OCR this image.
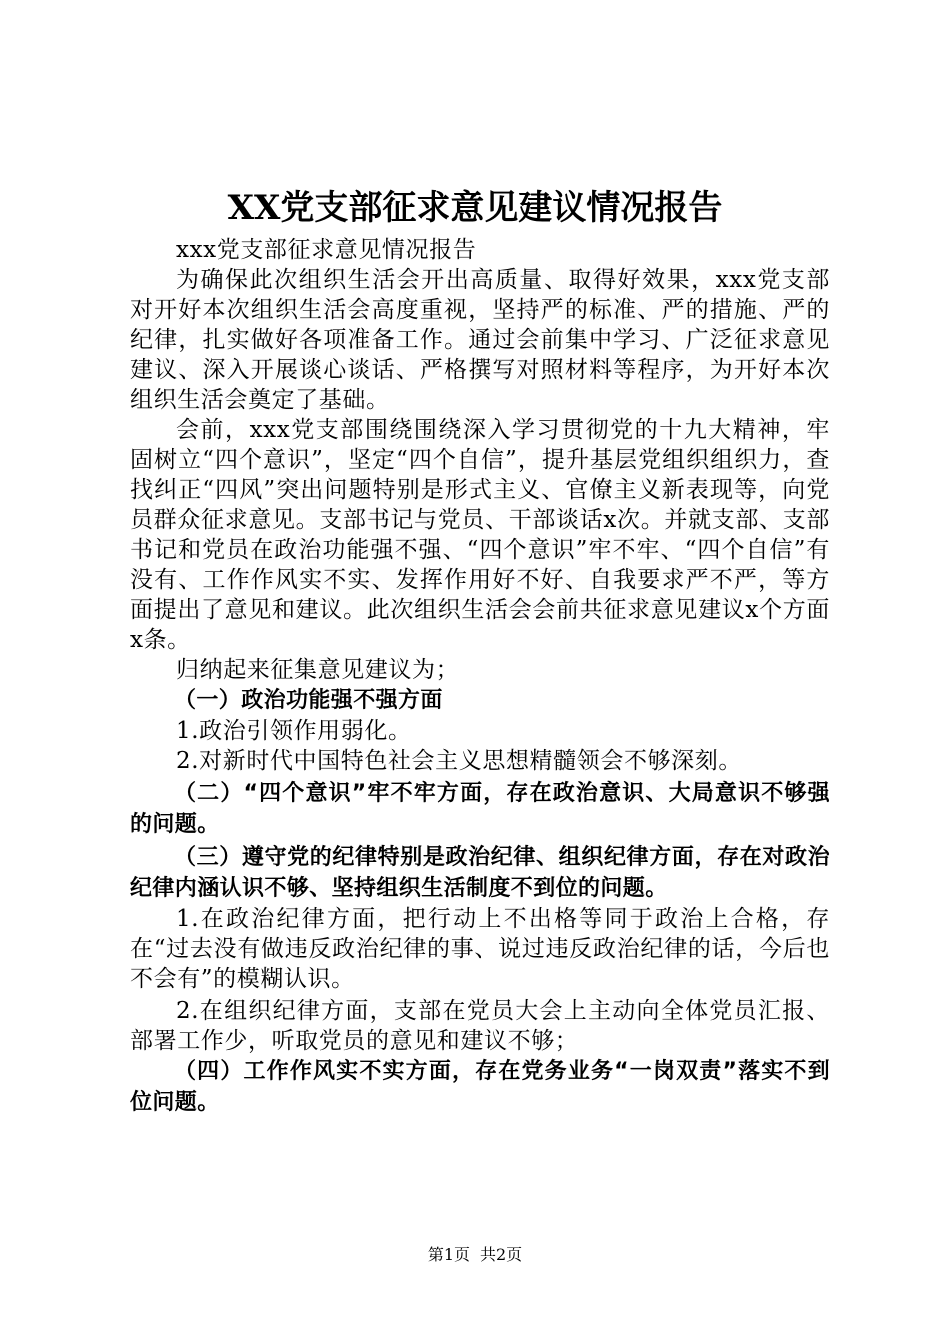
XX党支部征求意见建议情况报告

xxx党支部征求意见情况报告

为确保此次组织生活会开出高质量、取得好效果，xxx党支部对开好本次组织生活会高度重视，坚持严的标准、严的措施、严的纪律，扎实做好各项准备工作。通过会前集中学习、广泛征求意见建议、深入开展谈心谈话、严格撰写对照材料等程序，为开好本次组织生活会奠定了基础。

会前，xxx党支部围绕围绕深入学习贯彻党的十九大精神，牢固树立“四个意识”，坚定“四个自信”，提升基层党组织组织力，查找纠正“四风”突出问题特别是形式主义、官僚主义新表现等，向党员群众征求意见。支部书记与党员、干部谈话x次。并就支部、支部书记和党员在政治功能强不强、“四个意识”牢不牢、“四个自信”有没有、工作作风实不实、发挥作用好不好、自我要求严不严，等方面提出了意见和建议。此次组织生活会会前共征求意见建议x个方面x条。

归纳起来征集意见建议为；

（一）政治功能强不强方面

1.政治引领作用弱化。

2.对新时代中国特色社会主义思想精髓领会不够深刻。

（二）“四个意识”牢不牢方面，存在政治意识、大局意识不够强的问题。

（三）遵守党的纪律特别是政治纪律、组织纪律方面，存在对政治纪律内涵认识不够、坚持组织生活制度不到位的问题。

1.在政治纪律方面，把行动上不出格等同于政治上合格，存在“过去没有做违反政治纪律的事、说过违反政治纪律的话，今后也不会有”的模糊认识。

2.在组织纪律方面，支部在党员大会上主动向全体党员汇报、部署工作少，听取党员的意见和建议不够；

（四）工作作风实不实方面，存在党务业务“一岗双责”落实不到位问题。

第1页 共2页
